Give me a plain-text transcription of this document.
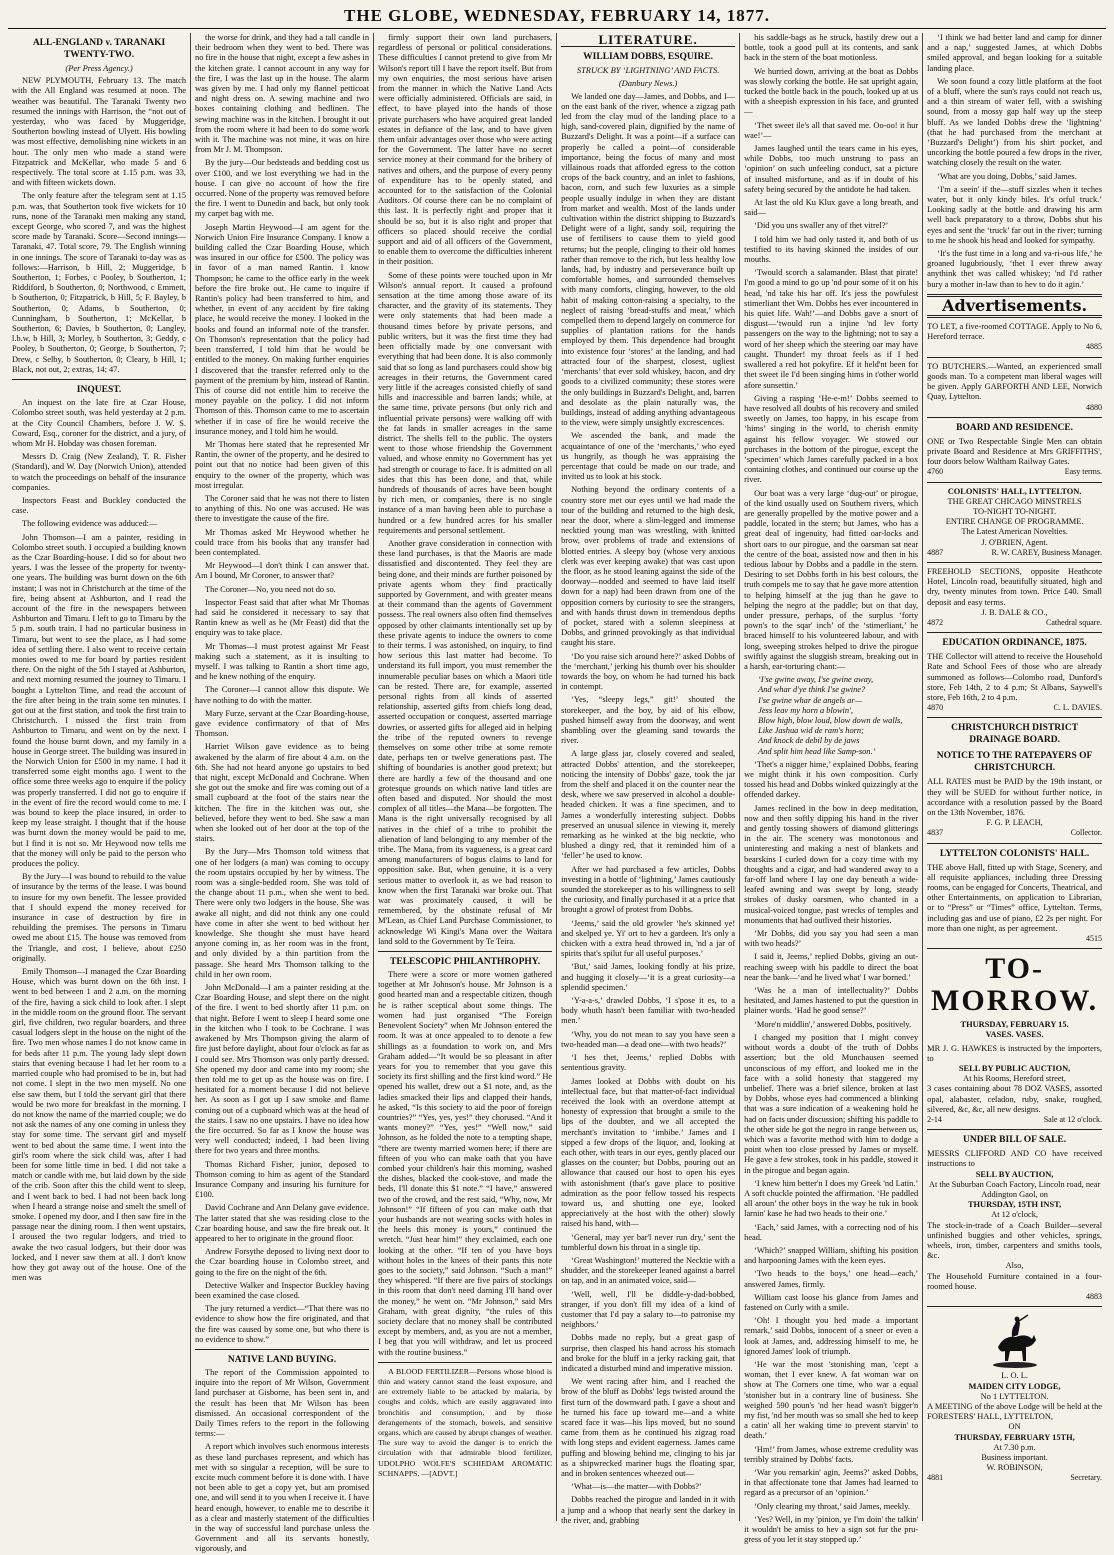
THE GLOBE, WEDNESDAY, FEBRUARY 14, 1877.
ALL-ENGLAND v. TARANAKI TWENTY-TWO.
(Per Press Agency.)

NEW PLYMOUTH, February 13. The match with the All England was resumed at noon. The weather was beautiful. The Taranaki Twenty two resumed the innings with Harrison, the “not out of yesterday, who was faced by Muggeridge, Southerton bowling instead of Ulyett. His bowling was most effective, demolishing nine wickets in an hour. The only men who made a stand were Fitzpatrick and McKellar, who made 5 and 6 respectively. The total score at 1.15 p.m. was 33, and with fifteen wickets down.

The only feature after the telegram sent at 1.15 p.m. was, that Southerton took five wickets for 10 runs, none of the Taranaki men making any stand, except George, who scored 7, and was the highest score made by Taranaki. Score—Second innings—Taranaki, 47. Total score, 79. The English winning in one innings. The score of Taranaki to-day was as follows:—Harrison, b Hill, 2; Muggeridge, b Southerton, 1; Forbes, c Pooley, b Southerton, 1; Riddiford, b Southerton, 0; Northwood, c Emmett, b Southerton, 0; Fitzpatrick, b Hill, 5; F. Bayley, b Southerton, 0; Adams, b Southerton, 0; Cunningham, b Southerton, 1; McKellar, b Southerton, 6; Davies, b Southerton, 0; Langley, l.b.w, b Hill, 3; Morley, b Southerton, 3; Geddy, c Pooley, b Southerton, 0; George, b Southerton, 7; Drew, c Selby, b Southerton, 0; Cleary, b Hill, 1; Black, not out, 2; extras, 14; 47.

INQUEST.

An inquest on the late fire at Czar House, Colombo street south, was held yesterday at 2 p.m. at the City Council Chambers, before J. W. S. Coward, Esq., coroner for the district, and a jury, of whom Mr H. Hobday was chosen foreman.

Messrs D. Craig (New Zealand), T. R. Fisher (Standard), and W. Day (Norwich Union), attended to watch the proceedings on behalf of the insurance companies.

Inspectors Feast and Buckley conducted the case.

The following evidence was adduced:—

John Thomson—I am a painter, residing in Colombo street south. I occupied a building known as the Czar Boarding-house. I did so for about two years. I was the lessee of the property for twenty-one years. The building was burnt down on the 6th instant; I was not in Christchurch at the time of the fire, being absent at Ashburton, and I read the account of the fire in the newspapers between Ashburton and Timaru. I left to go to Timaru by the 5 p.m. south train. I had no particular business in Timaru, but went to see the place, as I had some idea of settling there. I also went to receive certain monies owed to me for board by parties resident there. On the night of the 5th I stayed at Ashburton, and next morning resumed the journey to Timaru. I bought a Lyttelton Time, and read the account of the fire after being in the train some ten minutes. I got out at the first station, and took the first train to Christchurch. I missed the first train from Ashburton to Timaru, and went on by the next. I found the house burnt down, and my family in a house in George street. The building was insured in the Norwich Union for £500 in my name. I had it transferred some eight months ago. I went to the office some three weeks ago to enquire if the policy was properly transferred. I did not go to enquire if in the event of fire the record would come to me. I was bound to keep the place insured, in order to keep my lease straight. I thought that if the house was burnt down the money would be paid to me, but I find it is not so. Mr Heywood now tells me that the money will only be paid to the person who produces the policy.

By the Jury—I was bound to rebuild to the value of insurance by the terms of the lease. I was bound to insure for my own benefit. The lessee provided that I should expend the money received for insurance in case of destruction by fire in rebuilding the premises. The persons in Timaru owed me about £15. The house was removed from the Triangle, and cost, I believe, about £250 originally.

Emily Thomson—I managed the Czar Boarding House, which was burnt down on the 6th inst. I went to bed between 1 and 2 a.m. on the morning of the fire, having a sick child to look after. I slept in the middle room on the ground floor. The servant girl, five children, two regular boarders, and three casual lodgers slept in the house on the night of the fire. Two men whose names I do not know came in for beds after 11 p.m. The young lady slept down stairs that evening because I had let her room to a married couple who had promised to be in, but had not come. I slept in the two men myself. No one else saw them, but I told the servant girl that there would be two more for breakfast in the morning. I do not know the name of the married couple; we do not ask the names of any one coming in unless they stay for some time. The servant girl and myself went to bed about the same time. I went into the girl's room where the sick child was, after I had been for some little time in bed. I did not take a match or candle with me, but laid down by the side of the crib. Soon after this the child went to sleep, and I went back to bed. I had not been back long when I heard a strange noise and smelt the smell of smoke. I opened my door, and I then saw fire in the passage near the dining room. I then went upstairs, I aroused the two regular lodgers, and tried to awake the two casual lodgers, but their door was locked, and I never saw them at all. I don't know how they got away out of the house. One of the men was

the worse for drink, and they had a tall candle in their bedroom when they went to bed. There was no fire in the house that night, except a few ashes in the kitchen grate. I cannot account in any way for the fire, I was the last up in the house. The alarm was given by me. I had only my flannel petticoat and night dress on. A sewing machine and two boxes containing clothing and bedlinen. The sewing machine was in the kitchen. I brought it out from the room where it had been to do some work with it. The machine was not mine, it was on hire from Mr J. M. Thompson.

By the jury—Our bedsteads and bedding cost us over £100, and we lost everything we had in the house. I can give no account of how the fire occurred. None of the property was removed before the fire. I went to Dunedin and back, but only took my carpet bag with me.

Joseph Martin Heywood—I am agent for the Norwich Union Fire Insurance Company. I know a building called the Czar Boarding House, which was insured in our office for £500. The policy was in favor of a man named Rantin. I know Thompson; he came to the office early in the week before the fire broke out. He came to inquire if Rantin's policy had been transferred to him, and whether, in event of any accident by fire taking place, he would receive the money. I looked in the books and found an informal note of the transfer. On Thomson's representation that the policy had been transferred, I told him that he would be entitled to the money. On making further enquiries I discovered that the transfer referred only to the payment of the premium by him, instead of Rantin. This of course did not entitle him to receive the money payable on the policy. I did not inform Thomson of this. Thomson came to me to ascertain whether if in case of fire he would receive the insurance money, and I told him he would.

Mr Thomas here stated that he represented Mr Rantin, the owner of the property, and he desired to point out that no notice had been given of this enquiry to the owner of the property, which was most irregular.

The Coroner said that he was not there to listen to anything of this. No one was accused. He was there to investigate the cause of the fire.

Mr Thomas asked Mr Heywood whether he could trace from his books that any transfer had been contemplated.

Mr Heywood—I don't think I can answer that. Am I bound, Mr Coroner, to answer that?

The Coroner—No, you need not do so.

Inspector Feast said that after what Mr Thomas had said he considered it necessary to say that Rantin knew as well as he (Mr Feast) did that the enquiry was to take place.

Mr Thomas—I must protest against Mr Feast making such a statement, as it is insulting to myself. I was talking to Rantin a short time ago, and he knew nothing of the enquiry.

The Coroner—I cannot allow this dispute. We have nothing to do with the matter.

Mary Furze, servant at the Czar Boarding-house, gave evidence confirmatory of that of Mrs Thomson.

Harriet Wilson gave evidence as to being awakened by the alarm of fire about 4 a.m. on the 6th. She had not heard anyone go upstairs to bed that night, except McDonald and Cochrane. When she got out the smoke and fire was coming out of a small cupboard at the foot of the stairs near the kitchen. The fire in the kitchen was out, she believed, before they went to bed. She saw a man when she looked out of her door at the top of the stairs.

By the Jury—Mrs Thomson told witness that one of her lodgers (a man) was coming to occupy the room upstairs occupied by her by witness. The room was a single-bedded room. She was told of the change about 11 p.m., when she went to bed. There were only two lodgers in the house. She was awake all night, and did not think any one could have come in after she went to bed without her knowledge. She thought she must have heard anyone coming in, as her room was in the front, and only divided by a thin partition from the passage. She heard Mrs Thomson talking to the child in her own room.

John McDonald—I am a painter residing at the Czar Boarding House, and slept there on the night of the fire. I went to bed shortly after 11 p.m. on that night. Before I went to sleep I heard some one in the kitchen who I took to be Cochrane. I was awakened by Mrs Thompson giving the alarm of fire just before daylight, about four o'clock as far as I could see. Mrs Thomson was only partly dressed. She opened my door and came into my room; she then told me to get up as the house was on fire. I hesitated for a moment because I did not believe her. As soon as I got up I saw smoke and flame coming out of a cupboard which was at the head of the stairs. I saw no one upstairs. I have no idea how the fire occurred. So far as I know the house was very well conducted; indeed, I had been living there for two years and three months.

Thomas Richard Fisher, junior, deposed to Thomson coming to him as agent of the Standard Insurance Company and insuring his furniture for £100.

David Cochrane and Ann Delany gave evidence. The latter stated that she was residing close to the Czar boarding house, and saw the fire break out. It appeared to her to originate in the ground floor.

Andrew Forsythe deposed to living next door to the Czar boarding house in Colombo street, and going to the fire on the night of the 6th.

Detective Walker and Inspector Buckley having been examined the case closed.

The jury returned a verdict—“That there was no evidence to show how the fire originated, and that the fire was caused by some one, but who there is no evidence to show.”

NATIVE LAND BUYING.

The report of the Commission appointed to inquire into the report of Mr Wilson, Government land purchaser at Gisborne, has been sent in, and the result has been that Mr Wilson has been dismissed. An occasional correspondent of the Daily Times refers to the report in the following terms:—

A report which involves such enormous interests as these land purchases represent, and which has met with so singular a reception, will be sure to excite much comment before it is done with. I have not been able to get a copy yet, but am promised one, and will send it to you when I receive it. I have heard enough, however, to enable me to describe it as a clear and masterly statement of the difficulties in the way of successful land purchase unless the Government and all its servants honestly, vigorously, and

firmly support their own land purchasers, regardless of personal or political considerations. These difficulties I cannot pretend to give from Mr Wilson's report till I have the report itself. But from my own enquiries, the most serious have arisen from the manner in which the Native Land Acts were officially administered. Officials are said, in effect, to have played into the hands of those private purchasers who have acquired great landed estates in defiance of the law, and to have given them unfair advantages over those who were acting for the Government. The latter have no secret service money at their command for the bribery of natives and others, and the purpose of every penny of expenditure has to be openly stated, and accounted for to the satisfaction of the Colonial Auditors. Of course there can be no complaint of this last. It is perfectly right and proper that it should be so, but it is also right and proper that officers so placed should receive the cordial support and aid of all officers of the Government, to enable them to overcome the difficulties inherent in their position.

Some of these points were touched upon in Mr Wilson's annual report. It caused a profound sensation at the time among those aware of its character, and the gravity of its statements. They were only statements that had been made a thousand times before by private persons, and public writers, but it was the first time they had been officially made by one conversant with everything that had been done. It is also commonly said that so long as land purchasers could show big acreages in their returns, the Government cared very little if the acreages consisted chiefly of sand hills and inaccessible and barren lands; while, at the same time, private persons (but only rich and influential private persons) were walking off with the fat lands in smaller acreages in the same district. The shells fell to the public. The oysters went to those whose friendship the Government valued, and whose enmity no Government has yet had strength or courage to face. It is admitted on all sides that this has been done, and that, while hundreds of thousands of acres have been bought by rich men, or companies, there is no single instance of a man having been able to purchase a hundred or a few hundred acres for his smaller requirements and personal settlement.

Another grave consideration in connection with these land purchases, is that the Maoris are made dissatisfied and discontented. They feel they are being done, and their minds are further poisoned by private agents whom they find practically supported by Government, and with greater means at their command than the agents of Government possess. The real owners also often find themselves opposed by other claimants intentionally set up by these private agents to induce the owners to come to their terms. I was astonished, on inquiry, to find how serious this last matter had become. To understand its full import, you must remember the innumerable peculiar bases on which a Maori title can be rested. There are, for example, asserted personal rights from all kinds of asserted relationship, asserted gifts from chiefs long dead, asserted occupation or conquest, asserted marriage dowries, or asserted gifts for alleged aid in helping the tribe of the reputed owners to revenge themselves on some other tribe at some remote date, perhaps ten or twelve generations past. The shifting of boundaries is another good pretext; but there are hardly a few of the thousand and one grotesque grounds on which native land titles are often based and disputed. Nor should the most complex of all titles—the Mana—be forgotten. The Mana is the right universally recognised by all natives in the chief of a tribe to prohibit the alienation of land belonging to any member of the tribe. The Mana, from its vagueness, is a great card among manufacturers of bogus claims to land for opposition sake. But, when genuine, it is a very serious matter to overlook it, as we had reason to know when the first Taranaki war broke out. That war was proximately caused, it will be remembered, by the obstinate refusal of Mr M'Lean, as Chief Land Purchase Commissioner, to acknowledge Wi Kingi's Mana over the Waitara land sold to the Government by Te Teira.

TELESCOPIC PHILANTHROPHY.

There were a score or more women gathered together at Mr Johnson's house. Mr Johnson is a good hearted man and a respectable citizen, though he is rather sceptical about some things. The women had just organised “The Foreign Benevolent Society” when Mr Johnson entered the room. It was at once appealed to to denote a few shillings as a foundation to work on, and Mrs Graham added—“It would be so pleasant in after years for you to remember that you gave this society its first shilling and the first kind word.” He opened his wallet, drew out a $1 note, and, as the ladies smacked their lips and clapped their hands, he asked, “Is this society to aid the poor of foreign countries?” “Yes, yes, yes!” they chorused. “And it wants money?” “Yes, yes!” “Well now,” said Johnson, as he folded the note to a tempting shape, “there are twenty married women here; if there are fifteen of you who can make oath that you have combed your children's hair this morning, washed the dishes, blacked the cook-stove, and made the beds, I'll donate this $1 note.” “I have,” answered two of the crowd, and the rest said, “Why, now, Mr Johnson!” “If fifteen of you can make oath that your husbands are not wearing socks with holes in the heels this money is yours,” continued the wretch. “Just hear him!” they exclaimed, each one looking at the other. “If ten of you have boys without holes in the knees of their pants this note goes to the society,” said Johnson. “Such a man!” they whispered. “If there are five pairs of stockings in this room that don't need darning I'll hand over the money,” he went on. “Mr Johnson,” said Mrs Graham, with great dignity, “the rules of this society declare that no money shall be contributed except by members, and, as you are not a member, I beg that you will withdraw, and let us proceed with the routine business.”

A BLOOD FERTILIZER—Persons whose blood is thin and watery cannot stand the least exposure, and are extremely liable to be attacked by malaria, by coughs and colds, which are easily aggravated into bronchitis and consumption, and by those derangements of the stomach, bowels, and sensitive organs, which are caused by abrupt changes of weather. The sure way to avoid the danger is to enrich the circulation with that admirable blood fertilizer, UDOLPHO WOLFE'S SCHIEDAM AROMATIC SCHNAPPS. —[ADVT.]

LITERATURE.
WILLIAM DOBBS, ESQUIRE.
STRUCK BY ‘LIGHTNING’ AND FACTS.
(Danbury News.)

We landed one day—James, and Dobbs, and I—on the east bank of the river, whence a zigzag path led from the clay mud of the landing place to a high, sand-covered plain, dignified by the name of Buzzard's Delight. It was a point—if a surface can properly be called a point—of considerable importance, being the focus of many and most villainous roads that afforded egress to the cotton crops of the back country, and an inlet to fashions, bacon, corn, and such few luxuries as a simple people usually indulge in when they are distant from market and wealth. Most of the lands under cultivation within the district shipping to Buzzard's Delight were of a light, sandy soil, requiring the use of fertilisers to cause them to yield good returns; but the people, clinging to their old homes rather than remove to the rich, but less healthy low lands, had, by industry and perseverance built up comfortable homes, and surrounded themselves with many comforts, clinging, however, to the old habit of making cotton-raising a specialty, to the neglect of raising ‘bread-stuffs and meat,’ which compelled them to depend largely on commerce for supplies of plantation rations for the hands employed by them. This dependence had brought into existence four ‘stores’ at the landing, and had attracted four of the sharpest, closest, ugliest ‘merchants’ that ever sold whiskey, bacon, and dry goods to a civilized community; these stores were the only buildings in Buzzard's Delight, and, barren and desolate as the plain naturally was, the buildings, instead of adding anything advantageous to the view, were simply unsightly excrescences.

We ascended the bank, and made the acquaintance of one of the ‘merchants,’ who eyed us hungrily, as though he was appraising the percentage that could be made on our trade, and invited us to look at his stock.

Nothing beyond the ordinary contents of a country store met our eyes until we had made the tour of the building and returned to the high desk, near the door, where a slim-legged and immense necktied young man was wrestling, with knitted brow, over problems of trade and extensions of blotted entries. A sleepy boy (whose very anxious clerk was ever keeping awake) that was cast upon the floor, as he stood leaning against the side of the doorway—nodded and seemed to have laid itself down for a nap) had been drawn from one of the opposition corners by curiosity to see the strangers, and with hands thrust down in tremendous depths of pocket, stared with a solemn sleepiness at Dobbs, and grinned provokingly as that individual caught his stare.

‘Do you raise sich around here?’ asked Dobbs of the ‘merchant,’ jerking his thumb over his shoulder towards the boy, on whom he had turned his back in contempt.

‘Yes, “sleepy legs,” git!’ shouted the storekeeper, and the boy, by aid of his elbow, pushed himself away from the doorway, and went shambling over the gleaming sand towards the river.

A large glass jar, closely covered and sealed, attracted Dobbs' attention, and the storekeeper, noticing the intensity of Dobbs' gaze, took the jar from the shelf and placed it on the counter near the desk, where we saw preserved in alcohol a double-headed chicken. It was a fine specimen, and to James a wonderfully interesting subject. Dobbs preserved an unusual silence in viewing it, merely remarking as he winked at the big necktie, who blushed a dingy red, that it reminded him of a ‘feller’ he used to know.

After we had purchased a few articles, Dobbs investing in a bottle of ‘lightning,’ James cautiously sounded the storekeeper as to his willingness to sell the curiosity, and finally purchased it at a price that brought a growl of protest from Dobbs.

‘Jeems,’ said the old growler ‘he's skinned ye! and skelped ye. Yi' ort to hev a gardeen. It's only a chicken with a extra head throwed in, 'nd a jar of spirits that's spilut fur all useful purposes.’

‘But,’ said James, looking fondly at his prize, and hugging it closely—‘it is a great curiosity—a splendid specimen.’

‘Y-a-a-s,’ drawled Dobbs, ‘I s'pose it es, to a body whuth hasn't been familiar with two-headed men.’

‘Why, you do not mean to say you have seen a two-headed man—a dead one—with two heads?’

‘I hes thet, Jeems,’ replied Dobbs with sententious gravity.

James looked at Dobbs with doubt on his intellectual face, but that matter-of-fact individual received the look with an overdone attempt at honesty of expression that brought a smile to the lips of the doubter, and we all accepted the merchant's invitation to ‘imbibe.’ James and I sipped a few drops of the liquor, and, looking at each other, with tears in our eyes, gently placed our glasses on the counter; but Dobbs, pouring out an allowance that caused our host to open his eyes with astonishment (that's gave place to positive admiration as the poor fellow tossed his respects toward us, and shutting one eye, looked appreciatively at the host with the other) slowly raised his hand, with—

‘General, may yer bar'l never run dry,’ sent the tumblerful down his throat in a single tip.

‘Great Washington!’ muttered the Necktie with a shudder, and the storekeeper leaned against a barrel on tap, and in an animated voice, said—

‘Well, well, I'll be diddle-y-dad-bobbed, stranger, if you don't fill my idea of a kind of customer that I'd pay a salary to—to patronise my neighbors.’

Dobbs made no reply, but a great gasp of surprise, then clasped his hand across his stomach and broke for the bluff in a jerky racking gait, that indicated a disturbed mind and imperative mission.

We went racing after him, and I reached the brow of the bluff as Dobbs' legs twisted around the first turn of the downward path. I gave a shout and he turned his face up toward me—and a white scared face it was—his lips moved, but no sound came from them as he continued his zigzag road with long steps and evident eagerness. James came puffing and blowing behind me, clinging to his jar as a shipwrecked mariner hugs the floating spar, and in broken sentences wheezed out—

‘What—is—the matter—with Dobbs?’

Dobbs reached the pirogue and landed in it with a jump and a whoop that nearly sent the darkey in the river, and, grabbing

his saddle-bags as he struck, hastily drew out a bottle, took a good pull at its contents, and sank back in the stern of the boat motionless.

We hurried down, arriving at the boat as Dobbs was slowly corking the bottle. He sat upright again, tucked the bottle back in the pouch, looked up at us with a sheepish expression in his face, and grunted—

‘Thet sweet ile's all that saved me. Oo-oo! it hur wae!’—

James laughed until the tears came in his eyes, while Dobbs, too much unstrung to pass an ‘opinion’ on such unfeeling conduct, sat a picture of insulted misfortune, and as if in doubt of his safety being secured by the antidote he had taken.

At last the old Ku Klux gave a long breath, and said—

‘Did you uns swaller any of thet vitrel?’

I told him we had only tasted it, and both of us testified to its having skinned the insides of our mouths.

‘Twould scorch a salamander. Blast that pirate! I'm good a mind to go up 'nd pour some of it on his head, 'nd take his har off. It's jess the powfulest stimerliant thet Wm. Dobbs hes ever incountered in his quiet life. Wah!’—and Dobbs gave a snort of disgust—‘twould run a injine 'nd lev forty passengers on the way to the lightning; not to say a word of her sheep which the steering oar may have caught. Thunder! my throat feels as if I hed swallered a red hot pokyfire. Ef it held'nt been for thet sweet ile I'd been singing hims in t'other world afore sunsettin.’

Giving a rasping ‘He-e-m!’ Dobbs seemed to have resolved all doubts of his recovery and smiled sweetly on James, too happy, in his escape from ‘hims’ singing in the world, to cherish enmity against his fellow voyager. We stowed our purchases in the bottom of the pirogue, except the ‘specimen’ which James carefully packed in a box containing clothes, and continued our course up the river.

Our boat was a very large ‘dug-out’ or pirogue, of the kind usually used on Southern rivers, which are generally propelled by the motive power and a paddle, located in the stern; but James, who has a great deal of ingenuity, had fitted oar-locks and short oars to our pirogue, and the oarsman sat near the centre of the boat, assisted now and then in his tedious labour by Dobbs and a paddle in the stern. Desiring to set Dobbs forth in his best colours, the truth compels me to say that he gave more attention to helping himself at the jug than he gave to helping the negro at the paddle; but on that day, under pressure, perhaps, of the surplus ‘forty pown's to the sqar' inch’ of the ‘stimerliant,’ he braced himself to his volunteered labour, and with long, sweeping strokes helped to drive the pirogue swiftly against the sluggish stream, breaking out in a harsh, ear-torturing chant:—

‘I'se gwine away, I'se gwine away,
And whar d'ye think I'se gwine?
I'se gwine whar de angels ar—
Jess leav my horn a blowin',
Blow high, blow loud, blow down de walls,
Like Jashua wid de ram's horn;
And knock de debil by de jaws
And split him head like Samp-son.’

‘Thet's a nigger hime,’ explained Dobbs, fearing we might think it his own composition. Curly tossed his head and Dobbs winked quizzingly at the offended darkey.

James reclined in the bow in deep meditation, now and then softly dipping his hand in the river and gently tossing showers of diamond glitterings in the air. The scenery was monotonous and uninteresting and making a nest of blankets and bearskins I curled down for a cozy time with my thoughts and a cigar, and had wandered away to a far-off land where I lay one day beneath a wide-leafed awning and was swept by long, steady strokes of dusky oarsmen, who chanted in a musical-voiced tongue, past wrecks of temples and monuments that had outlived their histories.

‘Mr Dobbs, did you say you had seen a man with two heads?’

I said it, Jeems,’ replied Dobbs, giving an out-reaching sweep with his paddle to direct the boat near the bank—‘and he lived what' I war borned.’

‘Was he a man of intellectuality?’ Dobbs hesitated, and James hastened to put the question in plainer words. ‘Had he good sense?’

‘More'n middlin',’ answered Dobbs, positively.

I changed my position that I might convey without words a doubt of the truth of Dobbs assertion; but the old Munchausen seemed unconscious of my effort, and looked me in the face with a solid honesty that staggered my unbelief. There was a brief silence, broken at last by Dobbs, whose eyes had commenced a blinking that was a sure indication of a weakening hold he had on facts under discussion; shifting his paddle to the other side he got the negro in range between us, which was a favorite method with him to dodge a point when too close pressed by James or myself. He gave a few strokes, took in his paddle, stowed it in the pirogue and began again.

‘I knew him better'n I does my Greek 'nd Latin.’ A soft chuckle pointed the affirmation. ‘He paddled all aroun’ the other boys in the way he tuk in book larnin' kase he had two heads to their one.’

‘Each,’ said James, with a correcting nod of his head.

‘Which?’ snapped William, shifting his position and harpooning James with the keen eyes.

‘Two heads to the boys,’ one head—each,’ answered James, firmly.

William cast loose his glance from James and fastened on Curly with a smile.

‘Oh! I thought you hed made a important remark,’ said Dobbs, innocent of a sneer or even a look at James, and, addressing himself to me, he ignored James' look of triumph.

‘He war the most 'stonishing man, 'cept a woman, thet I ever knew. A fat woman war on show at The Corners one time, who war a equal 'stonisher but in a contrary line of business. She weighed 590 poun's 'nd her head wasn't bigger'n my fist, 'nd her mouth was so small she hed to keep a catin' all her waking time to prevent starvin' to death.’

‘Hm!’ from James, whose extreme credulity was terribly strained by Dobbs' facts.

‘War you remarkin' agin, Jeems?’ asked Dobbs, in that affectionate tone that James had learned to regard as a precursor of an ‘opinion.’

‘Only clearing my throat,’ said James, meekly.

‘Yes? Well, in my 'pinion, ye I'm doin' the talkin' it wouldn't be amiss to hev a sign sot fur the pru-gress of you let it stay stopped up.’

‘I think we had better land and camp for dinner and a nap,’ suggested James, at which Dobbs smiled approval, and began looking for a suitable landing place.

We soon found a cozy little platform at the foot of a bluff, where the sun's rays could not reach us, and a thin stream of water fell, with a swishing sound, from a mossy gap half way up the steep bluff. As we landed Dobbs drew the ‘lightning’ (that he had purchased from the merchant at ‘Buzzard's Delight’) from his shirt pocket, and uncorking the bottle poured a few drops in the river, watching closely the result on the water.

‘What are you doing, Dobbs,’ said James.

‘I'm a seein' if the—stuff sizzles when it teches water, but it only kindy biles. It's orful truck.’ Looking sadly at the bottle and drawing his arm well back preparatory to a throw, Dobbs shut his eyes and sent the ‘truck’ far out in the river; turning to me he shook his head and looked for sympathy.

‘It's the fust time in a long and va-ri-ous life,’ he groaned lugubriously, ‘thet I ever threw away anythink thet was called whiskey; 'nd I'd rather bury a mother in-law than to hev to do it agin.’

Advertisements.
TO LET, a five-roomed COTTAGE. Apply to No 6, Hereford terrace.
4885
TO BUTCHERS.—Wanted, an experienced small goods man. To a competent man liberal wages will be given. Apply GARFORTH AND LEE, Norwich Quay, Lyttelton.
4880
BOARD AND RESIDENCE.
ONE or Two Respectable Single Men can obtain private Board and Residence at Mrs GRIFFITHS', four doors below Waltham Railway Gates.
4760	Easy terms.
COLONISTS' HALL, LYTTELTON.
THE GREAT CHICAGO MINSTRELS
TO-NIGHT TO-NIGHT.
ENTIRE CHANGE OF PROGRAMME.
The Latest American Novelties.
J. O'BRIEN, Agent.
4887	R. W. CAREY, Business Manager.
FREEHOLD SECTIONS, opposite Heathcote Hotel, Lincoln road, beautifully situated, high and dry, twenty minutes from town. Price £40. Small deposit and easy terms.
J. B. DALE & CO.,
4872	Cathedral square.
EDUCATION ORDINANCE, 1875.
THE Collector will attend to receive the Household Rate and School Fees of those who are already summoned as follows—Colombo road, Dunford's store, Feb 14th, 2 to 4 p.m; St Albans, Saywell's store, Feb 16th, 2 to 4 p.m.
4870	C. L. DAVIES.
CHRISTCHURCH DISTRICT DRAINAGE BOARD.
NOTICE TO THE RATEPAYERS OF CHRISTCHURCH.
ALL RATES must be PAID by the 19th instant, or they will be SUED for without further notice, in accordance with a resolution passed by the Board on the 13th November, 1876.
F. G. P. LEACH,
4837	Collector.
LYTTELTON COLONISTS' HALL.
THE above Hall, fitted up with Stage, Scenery, and all requisite appliances, including three Dressing rooms, can be engaged for Concerts, Theatrical, and other Entertainments, on application to Librarian, or to “Press” or “Times” office, Lyttelton. Terms, including gas and use of piano, £2 2s per night. For more than one night, as per agreement.
4515
TO-MORROW.
THURSDAY, FEBRUARY 15.
VASES. VASES.
MR J. G. HAWKES is instructed by the importers, to
SELL BY PUBLIC AUCTION,
At his Rooms, Hereford street,
3 cases containing about 78 DOZ VASES, assorted opal, alabaster, celadon, ruby, snake, roughed, silvered, &c, &c, all new designs.
2-14	Sale at 12 o'clock.
UNDER BILL OF SALE.
MESSRS CLIFFORD AND CO have received instructions to
SELL BY AUCTION,
At the Suburban Coach Factory, Lincoln road, near Addington Gaol, on
THURSDAY, 15TH INST,
At 12 o'clock,
The stock-in-trade of a Coach Builder—several unfinished buggies and other vehicles, springs, wheels, iron, timber, carpenters and smiths tools, &c.
Also,
The Household Furniture contained in a four-roomed house.
4883
L. O. L.
MAIDEN CITY LODGE,
No 1 LYTTELTON.
A MEETING of the above Lodge will be held at the FORESTERS' HALL, LYTTELTON,
ON
THURSDAY, FEBRUARY 15TH,
At 7.30 p.m.
Business important.
W. ROBINSON,
4881	Secretary.
